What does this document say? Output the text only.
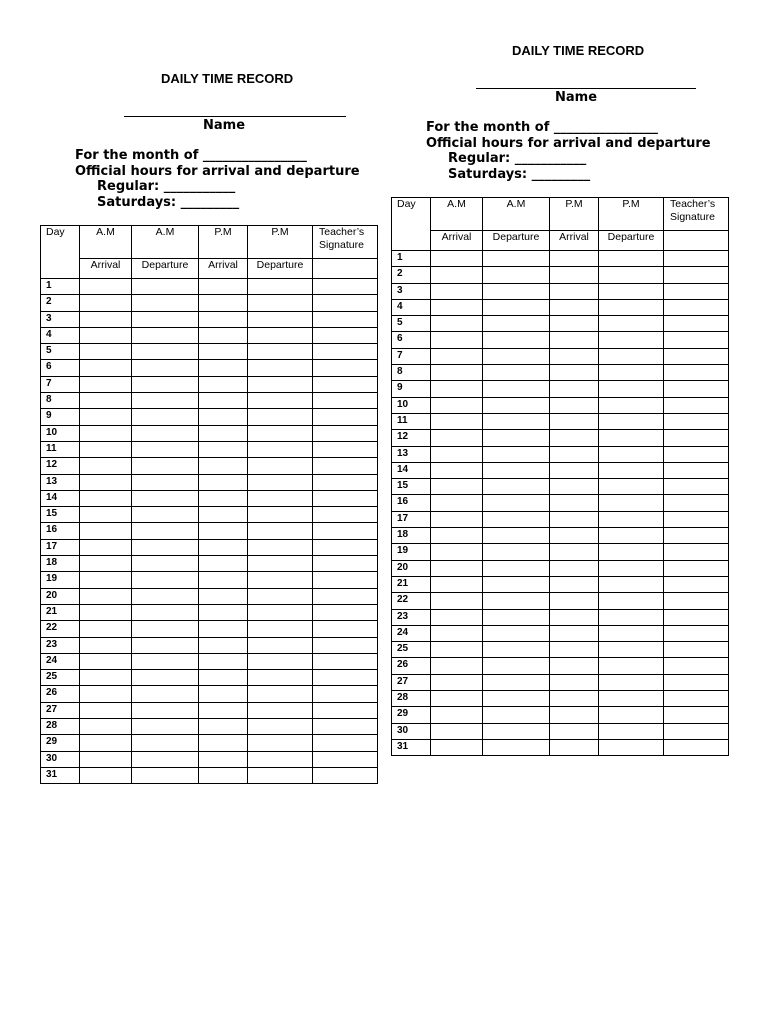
DAILY TIME RECORD
Name
For the month of ________________
Official hours for arrival and departure
Regular: ___________
Saturdays: _________
Day	A.M	A.M	P.M	P.M	Teacher’s
Signature

	Arrival	Departure	Arrival	Departure	
1					
2					
3					
4					
5					
6					
7					
8					
9					
10					
11					
12					
13					
14					
15					
16					
17					
18					
19					
20					
21					
22					
23					
24					
25					
26					
27					
28					
29					
30					
31					
DAILY TIME RECORD
Name
For the month of ________________
Official hours for arrival and departure
Regular: ___________
Saturdays: _________
Day	A.M	A.M	P.M	P.M	Teacher’s
Signature

	Arrival	Departure	Arrival	Departure	
1					
2					
3					
4					
5					
6					
7					
8					
9					
10					
11					
12					
13					
14					
15					
16					
17					
18					
19					
20					
21					
22					
23					
24					
25					
26					
27					
28					
29					
30					
31					
